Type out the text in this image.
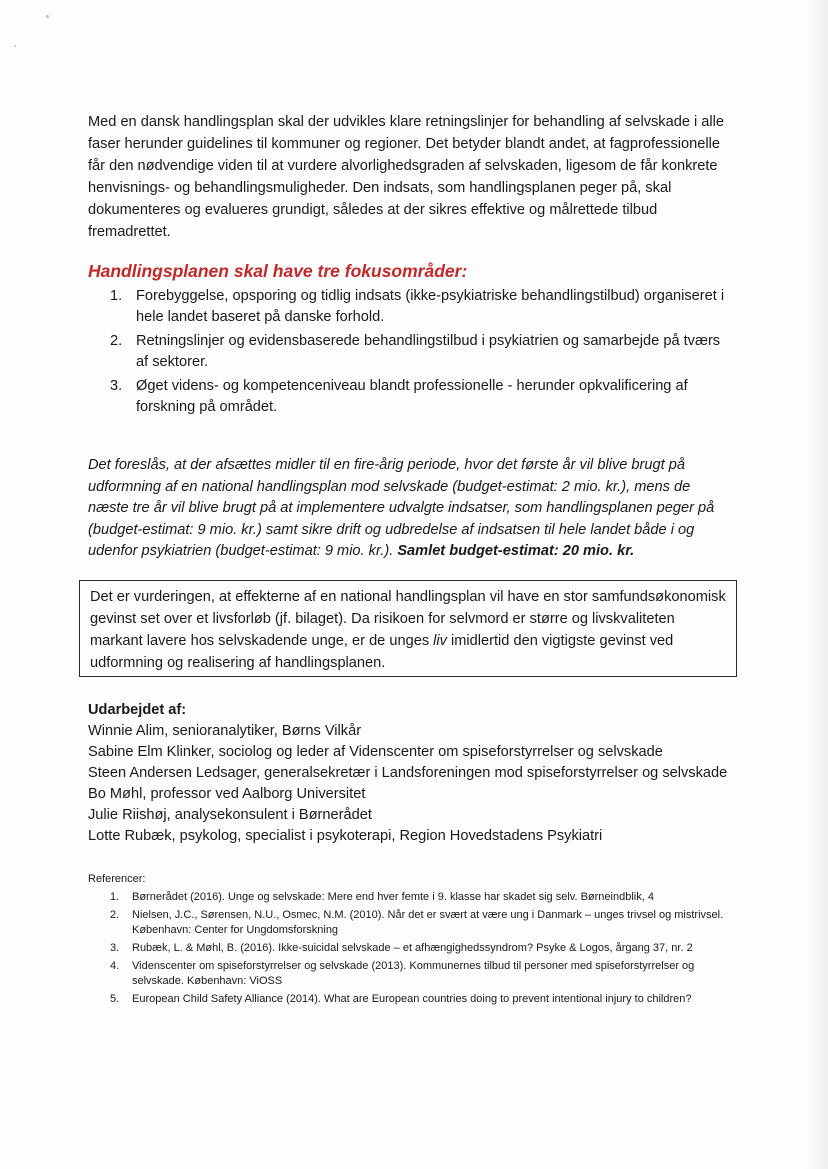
Med en dansk handlingsplan skal der udvikles klare retningslinjer for behandling af selvskade i alle faser herunder guidelines til kommuner og regioner. Det betyder blandt andet, at fagprofessionelle får den nødvendige viden til at vurdere alvorlighedsgraden af selvskaden, ligesom de får konkrete henvisnings- og behandlingsmuligheder. Den indsats, som handlingsplanen peger på, skal dokumenteres og evalueres grundigt, således at der sikres effektive og målrettede tilbud fremadrettet.

Handlingsplanen skal have tre fokusområder:
1. Forebyggelse, opsporing og tidlig indsats (ikke-psykiatriske behandlingstilbud) organiseret i hele landet baseret på danske forhold.
2. Retningslinjer og evidensbaserede behandlingstilbud i psykiatrien og samarbejde på tværs af sektorer.
3. Øget videns- og kompetenceniveau blandt professionelle - herunder opkvalificering af forskning på området.

Det foreslås, at der afsættes midler til en fire-årig periode, hvor det første år vil blive brugt på udformning af en national handlingsplan mod selvskade (budget-estimat: 2 mio. kr.), mens de næste tre år vil blive brugt på at implementere udvalgte indsatser, som handlingsplanen peger på (budget-estimat: 9 mio. kr.) samt sikre drift og udbredelse af indsatsen til hele landet både i og udenfor psykiatrien (budget-estimat: 9 mio. kr.). Samlet budget-estimat: 20 mio. kr.

Det er vurderingen, at effekterne af en national handlingsplan vil have en stor samfundsøkonomisk gevinst set over et livsforløb (jf. bilaget). Da risikoen for selvmord er større og livskvaliteten markant lavere hos selvskadende unge, er de unges liv imidlertid den vigtigste gevinst ved udformning og realisering af handlingsplanen.

Udarbejdet af:
Winnie Alim, senioranalytiker, Børns Vilkår
Sabine Elm Klinker, sociolog og leder af Videnscenter om spiseforstyrrelser og selvskade
Steen Andersen Ledsager, generalsekretær i Landsforeningen mod spiseforstyrrelser og selvskade
Bo Møhl, professor ved Aalborg Universitet
Julie Riishøj, analysekonsulent i Børnerådet
Lotte Rubæk, psykolog, specialist i psykoterapi, Region Hovedstadens Psykiatri
Referencer:
1. Børnerådet (2016). Unge og selvskade: Mere end hver femte i 9. klasse har skadet sig selv. Børneindblik, 4
2. Nielsen, J.C., Sørensen, N.U., Osmec, N.M. (2010). Når det er svært at være ung i Danmark – unges trivsel og mistrivsel. København: Center for Ungdomsforskning
3. Rubæk, L. & Møhl, B. (2016). Ikke-suicidal selvskade – et afhængighedssyndrom? Psyke & Logos, årgang 37, nr. 2
4. Videnscenter om spiseforstyrrelser og selvskade (2013). Kommunernes tilbud til personer med spiseforstyrrelser og selvskade. København: ViOSS
5. European Child Safety Alliance (2014). What are European countries doing to prevent intentional injury to children?
